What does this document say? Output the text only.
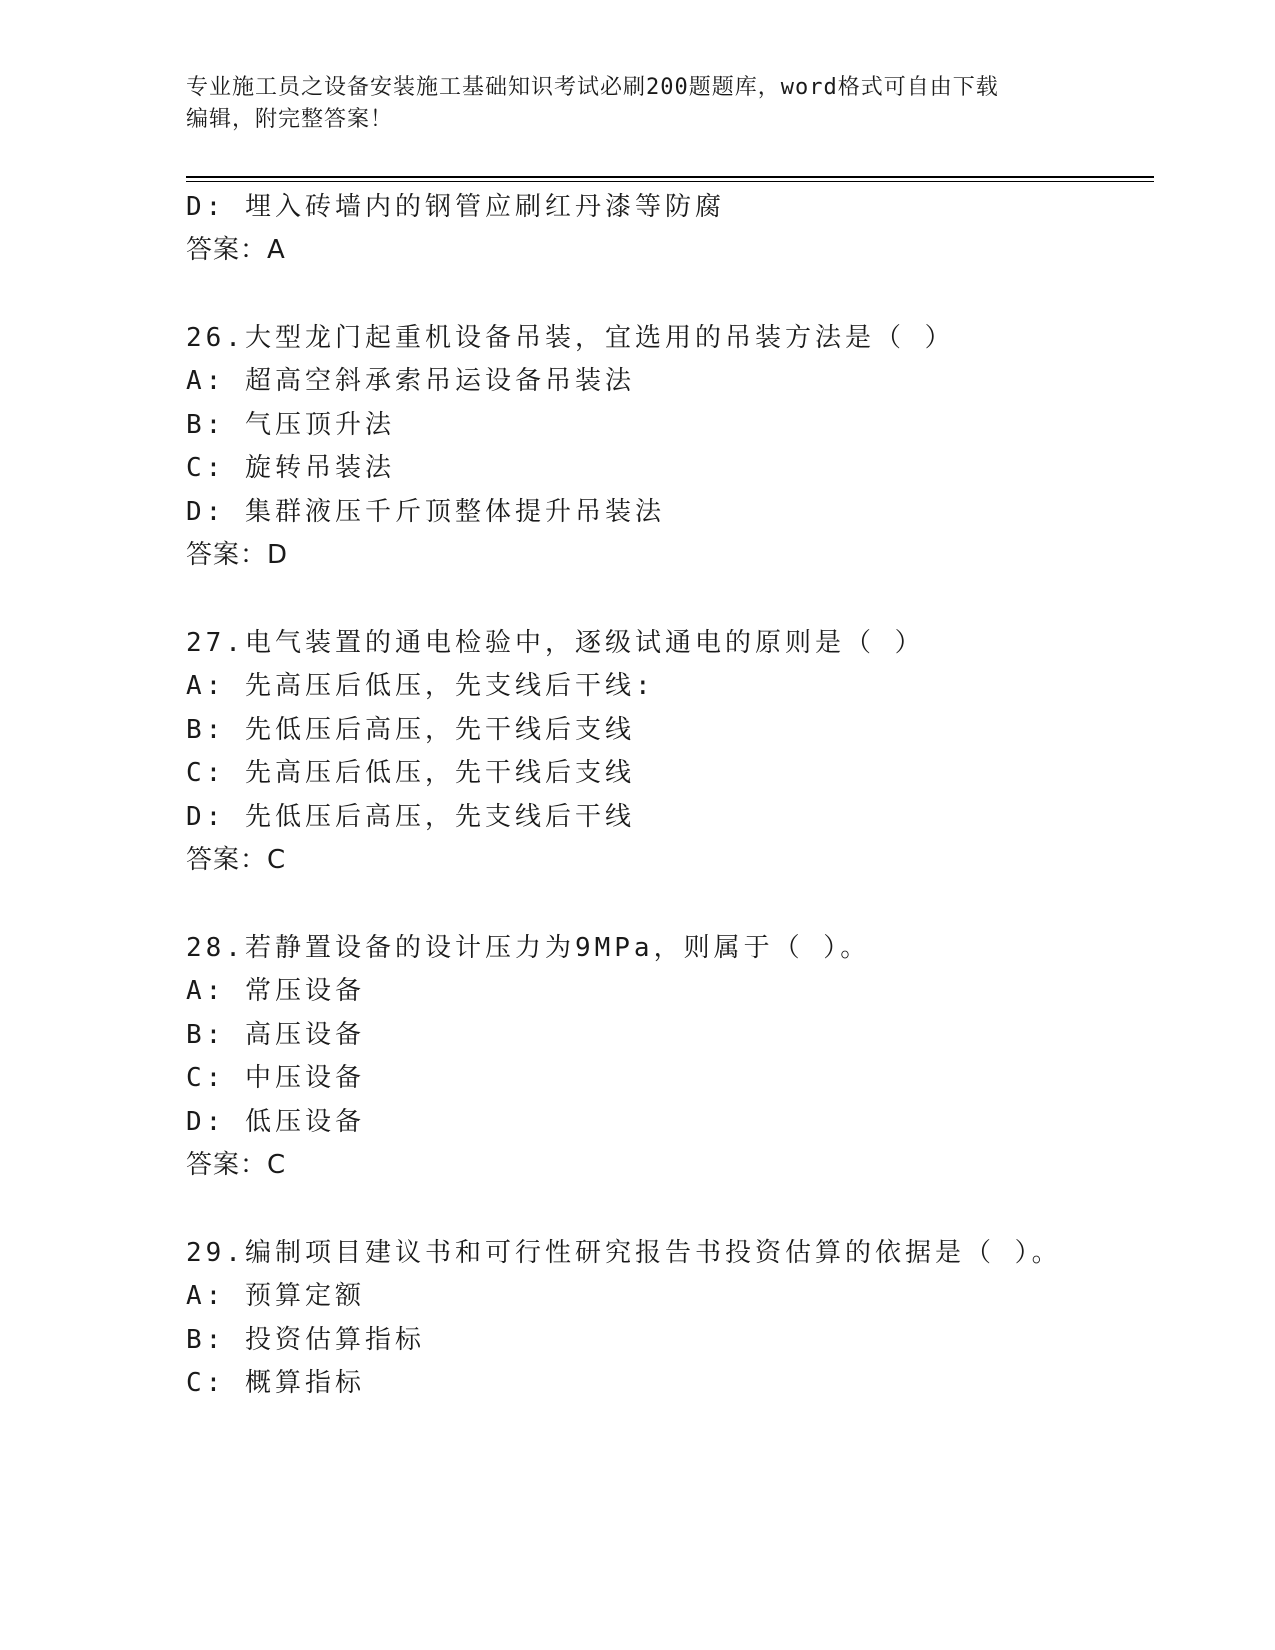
专业施工员之设备安装施工基础知识考试必刷200题题库，word格式可自由下载
编辑，附完整答案！
D: 埋入砖墙内的钢管应刷红丹漆等防腐
答案：A
26.大型龙门起重机设备吊装，宜选用的吊装方法是（ ）
A: 超高空斜承索吊运设备吊装法
B: 气压顶升法
C: 旋转吊装法
D: 集群液压千斤顶整体提升吊装法
答案：D
27.电气装置的通电检验中，逐级试通电的原则是（ ）
A: 先高压后低压，先支线后干线:
B: 先低压后高压，先干线后支线
C: 先高压后低压，先干线后支线
D: 先低压后高压，先支线后干线
答案：C
28.若静置设备的设计压力为9MPa，则属于（ ）。
A: 常压设备
B: 高压设备
C: 中压设备
D: 低压设备
答案：C
29.编制项目建议书和可行性研究报告书投资估算的依据是（ ）。
A: 预算定额
B: 投资估算指标
C: 概算指标
